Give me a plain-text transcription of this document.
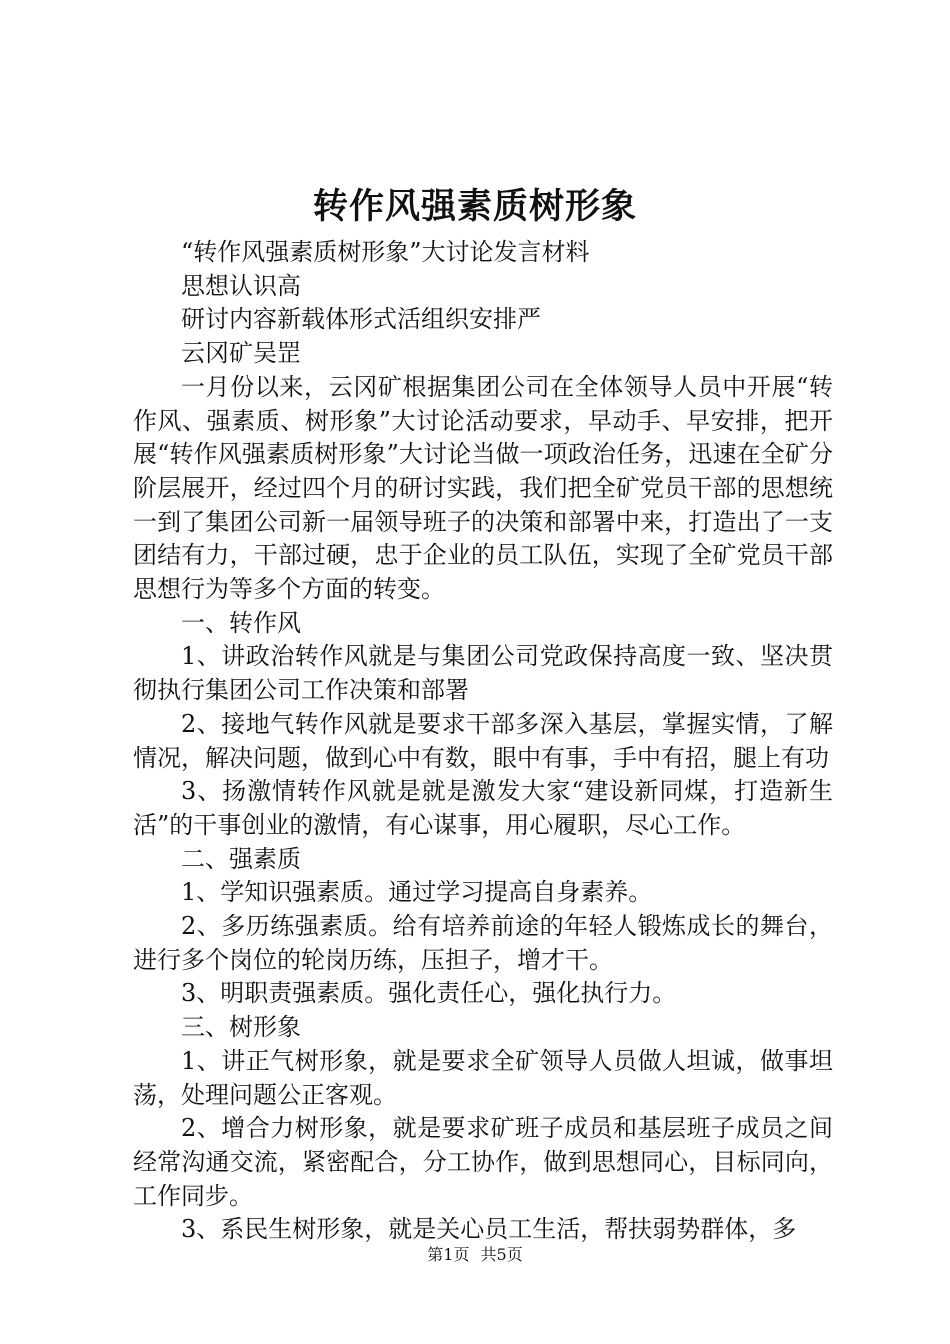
转作风强素质树形象

“转作风强素质树形象”大讨论发言材料

思想认识高

研讨内容新载体形式活组织安排严

云冈矿吴罡

一月份以来，云冈矿根据集团公司在全体领导人员中开展“转作风、强素质、树形象”大讨论活动要求，早动手、早安排，把开展“转作风强素质树形象”大讨论当做一项政治任务，迅速在全矿分阶层展开，经过四个月的研讨实践，我们把全矿党员干部的思想统一到了集团公司新一届领导班子的决策和部署中来，打造出了一支团结有力，干部过硬，忠于企业的员工队伍，实现了全矿党员干部思想行为等多个方面的转变。

一、转作风

1、讲政治转作风就是与集团公司党政保持高度一致、坚决贯彻执行集团公司工作决策和部署

2、接地气转作风就是要求干部多深入基层，掌握实情，了解情况，解决问题，做到心中有数，眼中有事，手中有招，腿上有功

3、扬激情转作风就是就是激发大家“建设新同煤，打造新生活”的干事创业的激情，有心谋事，用心履职，尽心工作。

二、强素质

1、学知识强素质。通过学习提高自身素养。

2、多历练强素质。给有培养前途的年轻人锻炼成长的舞台，进行多个岗位的轮岗历练，压担子，增才干。

3、明职责强素质。强化责任心，强化执行力。

三、树形象

1、讲正气树形象，就是要求全矿领导人员做人坦诚，做事坦荡，处理问题公正客观。

2、增合力树形象，就是要求矿班子成员和基层班子成员之间经常沟通交流，紧密配合，分工协作，做到思想同心，目标同向，工作同步。

3、系民生树形象，就是关心员工生活，帮扶弱势群体，多

第1页 共5页
